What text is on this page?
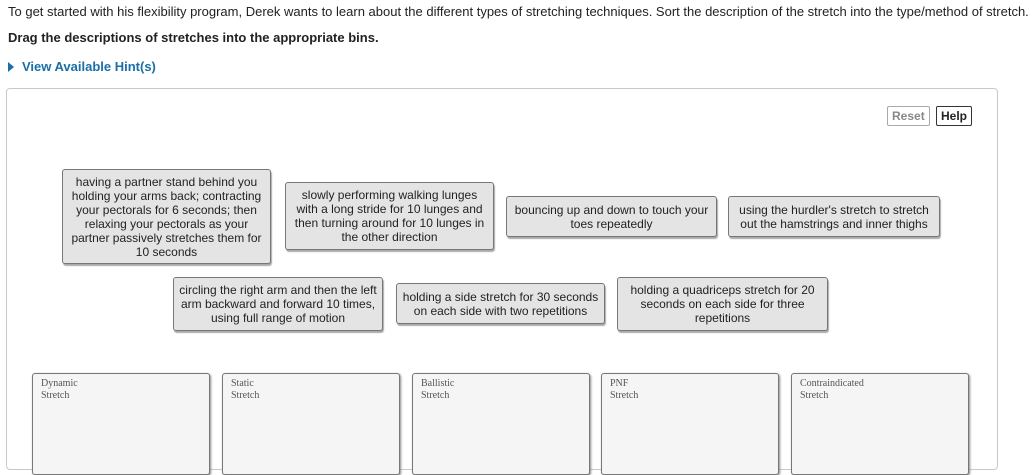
To get started with his flexibility program, Derek wants to learn about the different types of stretching techniques. Sort the description of the stretch into the type/method of stretch.
Drag the descriptions of stretches into the appropriate bins.
View Available Hint(s)
Reset	Help
having a partner stand behind you holding your arms back; contracting your pectorals for 6 seconds; then relaxing your pectorals as your partner passively stretches them for 10 seconds
slowly performing walking lunges with a long stride for 10 lunges and then turning around for 10 lunges in the other direction
bouncing up and down to touch your toes repeatedly
using the hurdler's stretch to stretch out the hamstrings and inner thighs
circling the right arm and then the left arm backward and forward 10 times, using full range of motion
holding a side stretch for 30 seconds on each side with two repetitions
holding a quadriceps stretch for 20 seconds on each side for three repetitions
Dynamic
Stretch
Static
Stretch
Ballistic
Stretch
PNF
Stretch
Contraindicated
Stretch
